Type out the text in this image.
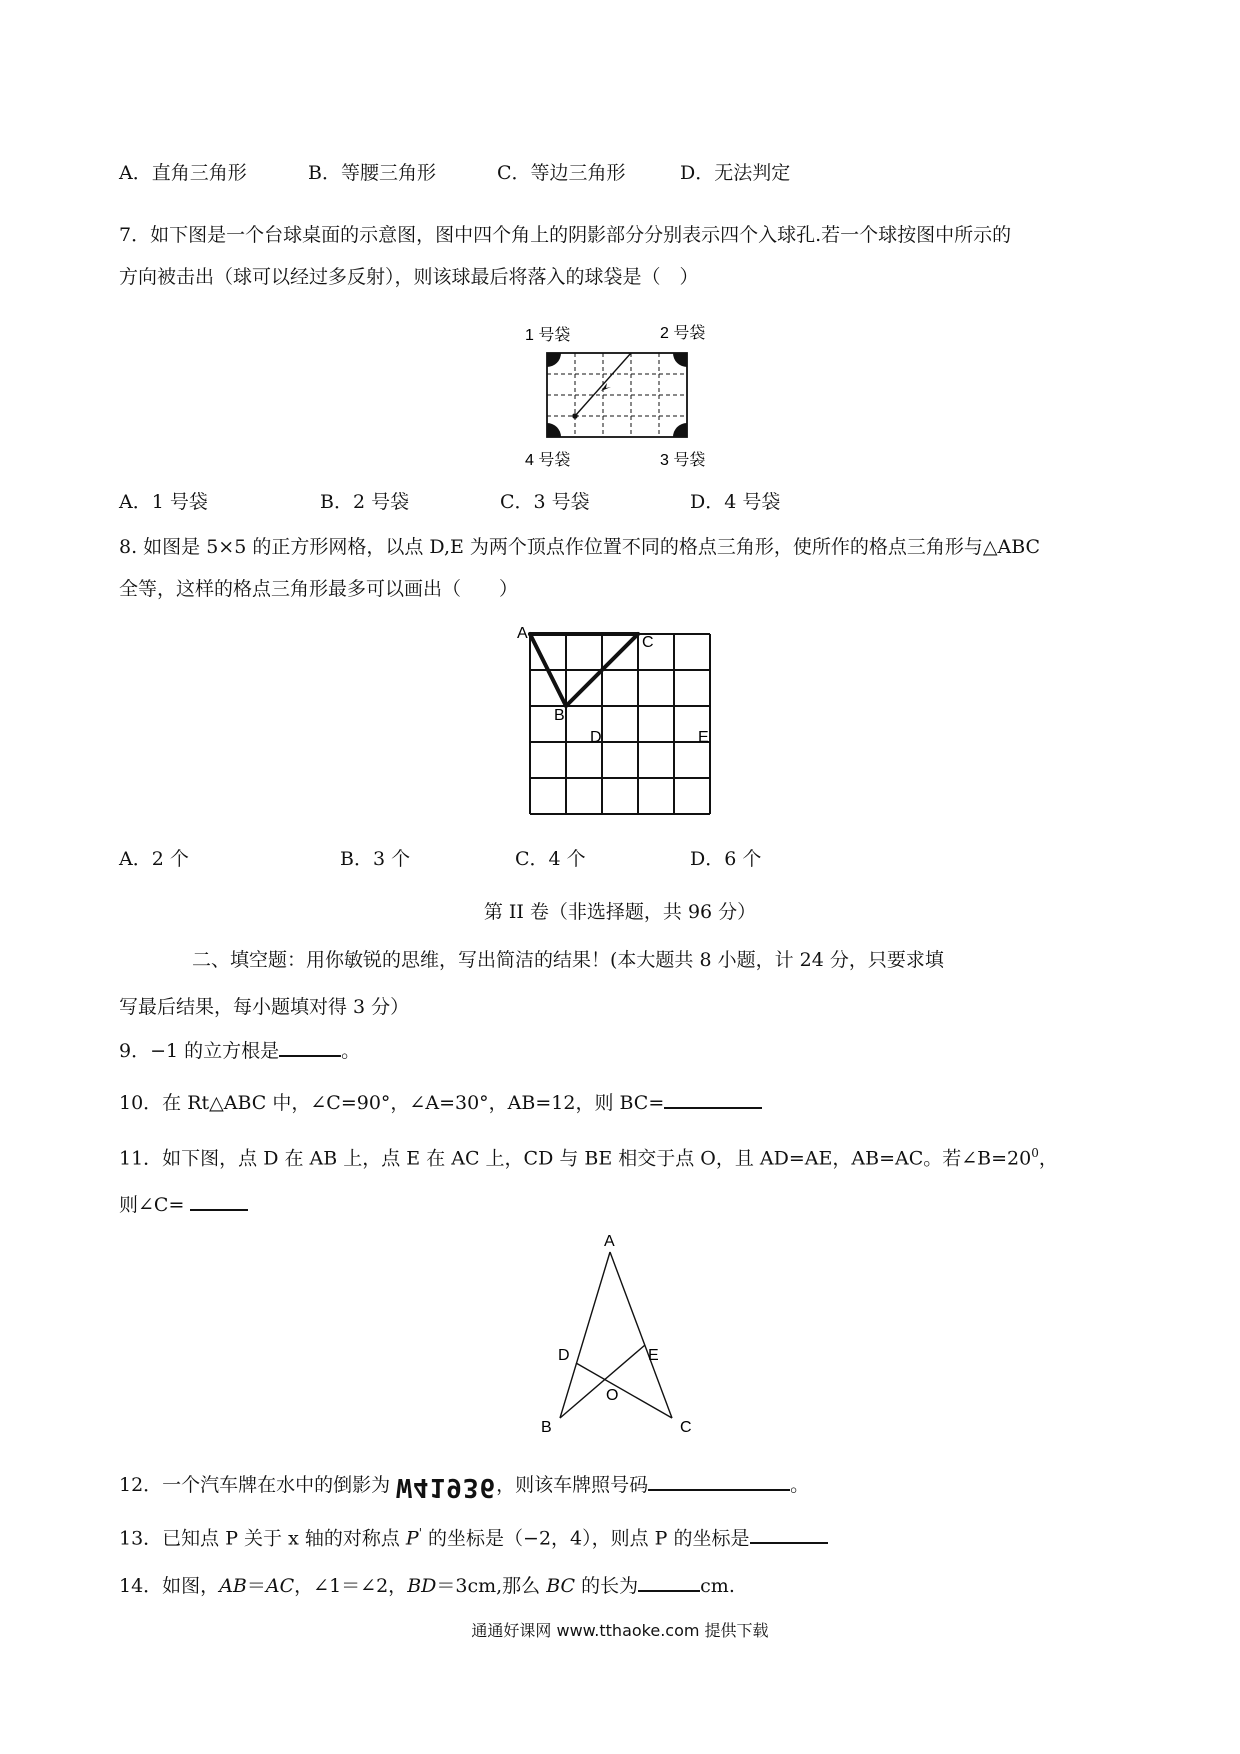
A．直角三角形	B．等腰三角形	C．等边三角形	D．无法判定
7．如下图是一个台球桌面的示意图，图中四个角上的阴影部分分别表示四个入球孔.若一个球按图中所示的
方向被击出（球可以经过多反射），则该球最后将落入的球袋是（　）
1 号袋	2 号袋
3 号袋
4 号袋
A．1 号袋	B．2 号袋	C．3 号袋	D．4 号袋
8. 如图是 5×5 的正方形网格，以点 D,E 为两个顶点作位置不同的格点三角形，使所作的格点三角形与△ABC
全等，这样的格点三角形最多可以画出（　　）
A
B
C
D	E
A．2 个	B．3 个	C．4 个	D．6 个
第 II 卷（非选择题，共 96 分）
二、填空题：用你敏锐的思维，写出简洁的结果！(本大题共 8 小题，计 24 分，只要求填
写最后结果，每小题填对得 3 分）
9．−1 的立方根是	。
10．在 Rt△ABC 中，∠C=90°，∠A=30°，AB=12，则 BC=
11．如下图，点 D 在 AB 上，点 E 在 AC 上，CD 与 BE 相交于点 O，且 AD=AE，AB=AC。若$\angle B=20^0$，
则∠C=
A
D	E
O
B	C
12．一个汽车牌在水中的倒影为 W41936，则该车牌照号码	。
13．已知点 P 关于 x 轴的对称点 P' 的坐标是（−2，4），则点 P 的坐标是
14．如图，AB＝AC，∠1＝∠2，BD＝3cm,那么 BC 的长为	cm.
通通好课网 www.tthaoke.com 提供下载
